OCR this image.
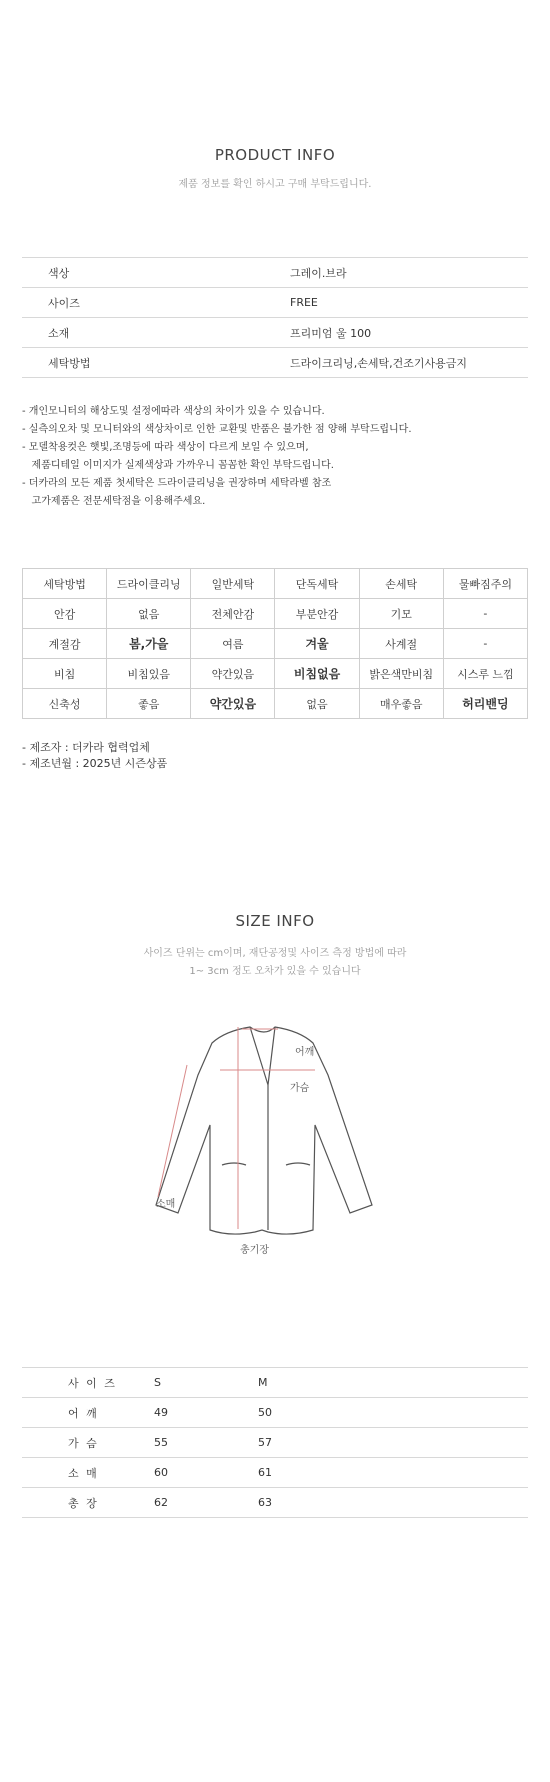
PRODUCT INFO
제품 정보를 확인 하시고 구매 부탁드립니다.
색상	그레이.브라
사이즈	FREE
소재	프리미엄 울 100
세탁방법	드라이크리닝,손세탁,건조기사용금지
- 개인모니터의 해상도및 설정에따라 색상의 차이가 있을 수 있습니다.
- 실측의오차 및 모니터와의 색상차이로 인한 교환및 반품은 불가한 점 양해 부탁드립니다.
- 모델착용컷은 햇빛,조명등에 따라 색상이 다르게 보일 수 있으며,
제품디테일 이미지가 실제색상과 가까우니 꼼꼼한 확인 부탁드립니다.
- 더카라의 모든 제품 첫세탁은 드라이클리닝을 권장하며 세탁라벨 참조
고가제품은 전문세탁점을 이용해주세요.
세탁방법	드라이클리닝	일반세탁	단독세탁	손세탁	물빠짐주의
안감	없음	전체안감	부분안감	기모	-
계절감	봄,가을	여름	겨울	사계절	-
비침	비침있음	약간있음	비침없음	밝은색만비침	시스루 느낌
신축성	좋음	약간있음	없음	매우좋음	허리밴딩
- 제조자 : 더카라 협력업체
- 제조년월 : 2025년 시즌상품
SIZE INFO
사이즈 단위는 cm이며, 재단공정및 사이즈 측정 방법에 따라
1~ 3cm 정도 오차가 있을 수 있습니다
어깨
가슴
소매
총기장
사 이 즈	S	M
어 깨	49	50
가 슴	55	57
소 매	60	61
총 장	62	63
